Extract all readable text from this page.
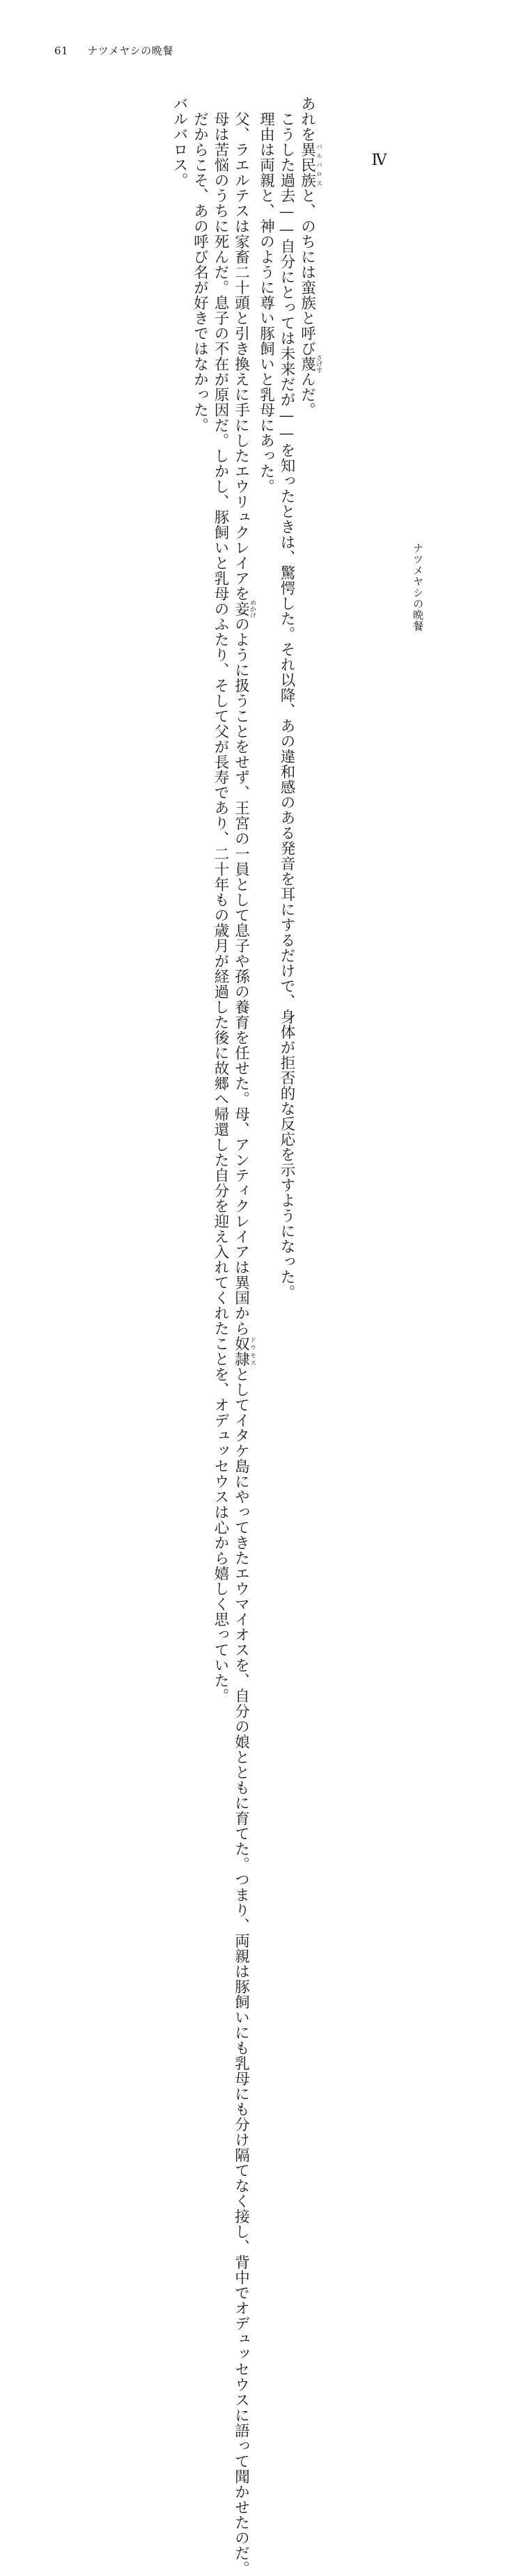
61 ナツメヤシの晩餐
Ⅳ

あれを異民族バルバロスと、のちには蛮族と呼び蔑さげすんだ。

　こうした過去——自分にとっては未来だが——を知ったときは、驚愕した。それ以降、あの違和感のある発音を耳にするだけで、身体が拒否的な反応を示すようになった。

　理由は両親と、神のように尊い豚飼いと乳母にあった。

　父、ラエルテスは家畜二十頭と引き換えに手にしたエウリュクレイアを妾めかけのように扱うことをせず、王宮の一員として息子や孫の養育を任せた。母、アンティクレイアは異国から奴隷ドウモスとしてイタケ島にやってきたエウマイオスを、自分の娘とともに育てた。つまり、両親は豚飼いにも乳母にも分け隔てなく接し、背中でオデュッセウスに語って聞かせたのだ。

　母は苦悩のうちに死んだ。息子の不在が原因だ。しかし、豚飼いと乳母のふたり、そして父が長寿であり、二十年もの歳月が経過した後に故郷へ帰還した自分を迎え入れてくれたことを、オデュッセウスは心から嬉しく思っていた。

　だからこそ、あの呼び名が好きではなかった。

バルバロス。

ナツメヤシの晩餐
